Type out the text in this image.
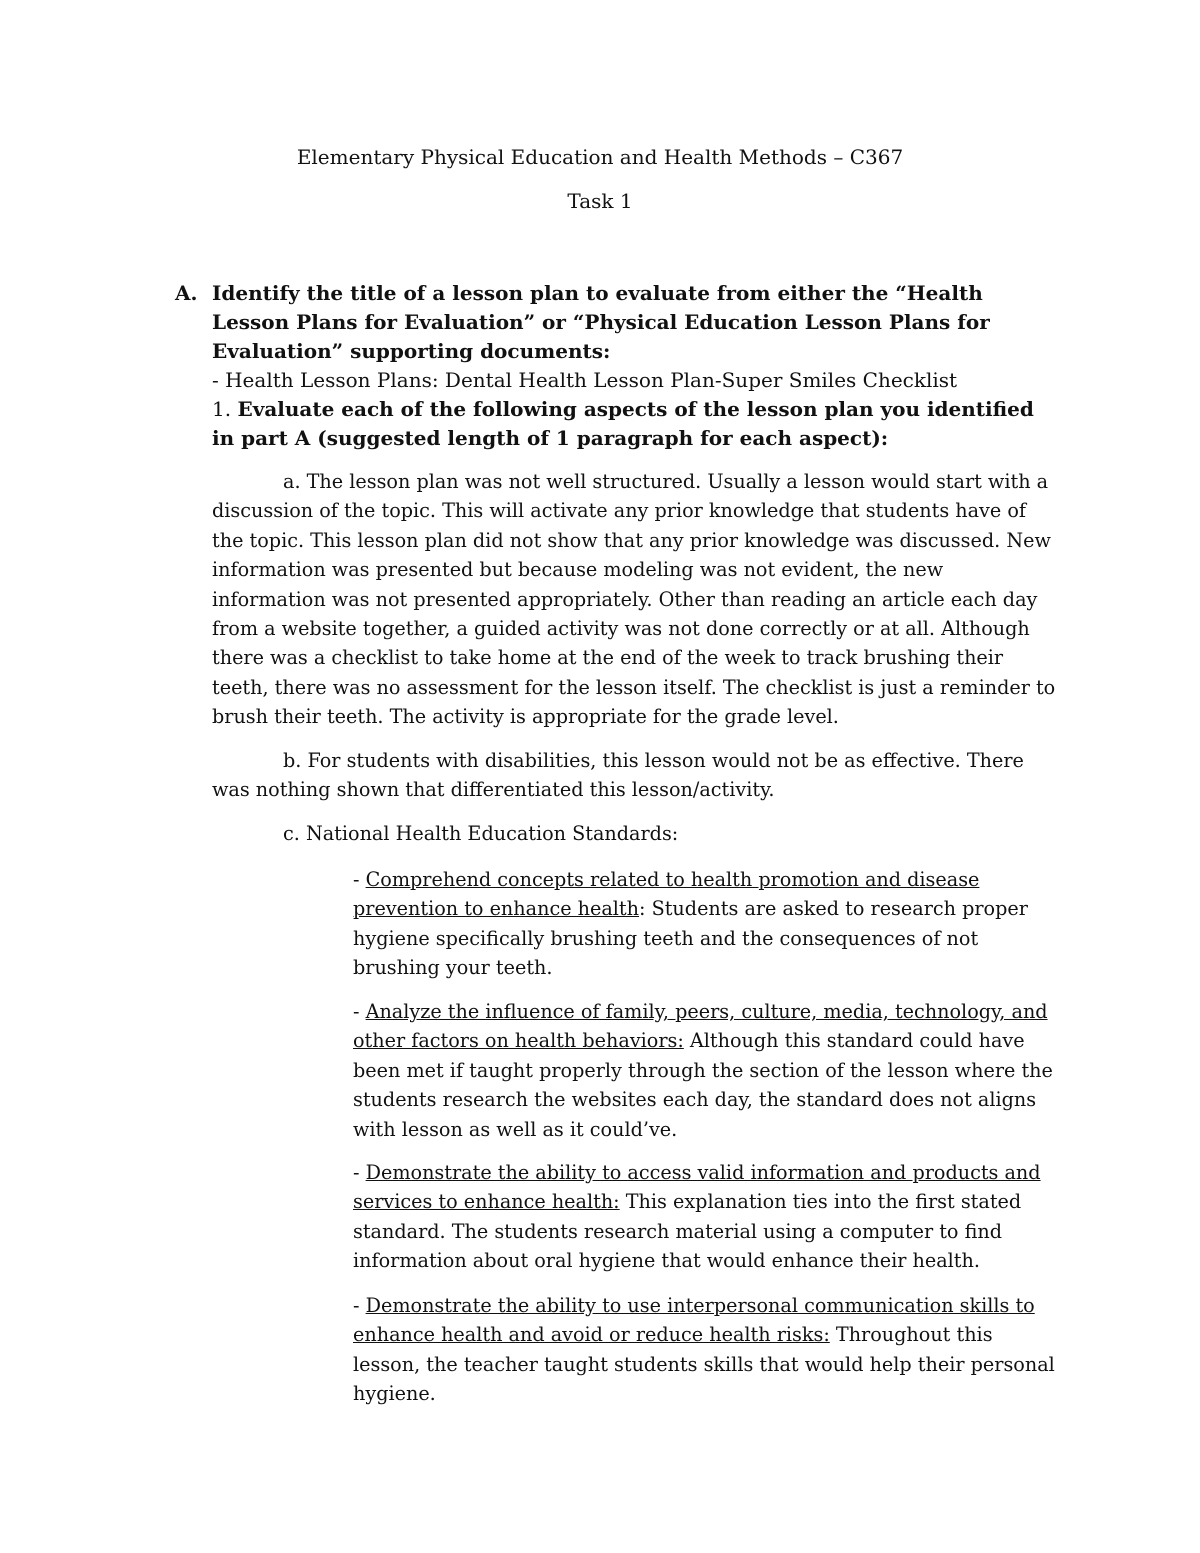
Elementary Physical Education and Health Methods – C367
Task 1
A. Identify the title of a lesson plan to evaluate from either the “Health Lesson Plans for Evaluation” or “Physical Education Lesson Plans for Evaluation” supporting documents:
- Health Lesson Plans: Dental Health Lesson Plan-Super Smiles Checklist
1. Evaluate each of the following aspects of the lesson plan you identified in part A (suggested length of 1 paragraph for each aspect):
a. The lesson plan was not well structured. Usually a lesson would start with a discussion of the topic. This will activate any prior knowledge that students have of the topic. This lesson plan did not show that any prior knowledge was discussed. New information was presented but because modeling was not evident, the new information was not presented appropriately. Other than reading an article each day from a website together, a guided activity was not done correctly or at all. Although there was a checklist to take home at the end of the week to track brushing their teeth, there was no assessment for the lesson itself. The checklist is just a reminder to brush their teeth. The activity is appropriate for the grade level.
b. For students with disabilities, this lesson would not be as effective. There was nothing shown that differentiated this lesson/activity.
c. National Health Education Standards:
- Comprehend concepts related to health promotion and disease prevention to enhance health: Students are asked to research proper hygiene specifically brushing teeth and the consequences of not brushing your teeth.
- Analyze the influence of family, peers, culture, media, technology, and other factors on health behaviors: Although this standard could have been met if taught properly through the section of the lesson where the students research the websites each day, the standard does not aligns with lesson as well as it could’ve.
- Demonstrate the ability to access valid information and products and services to enhance health: This explanation ties into the first stated standard. The students research material using a computer to find information about oral hygiene that would enhance their health.
- Demonstrate the ability to use interpersonal communication skills to enhance health and avoid or reduce health risks: Throughout this lesson, the teacher taught students skills that would help their personal hygiene.
